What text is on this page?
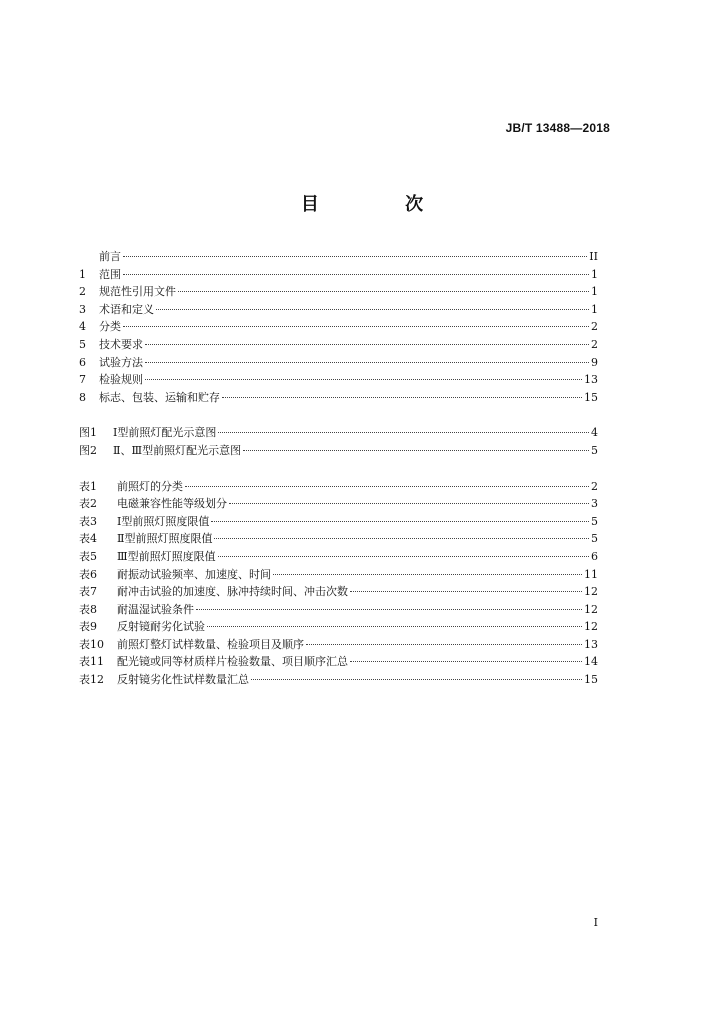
JB/T 13488—2018
目 次
前言	II
1	范围	1
2	规范性引用文件	1
3	术语和定义	1
4	分类	2
5	技术要求	2
6	试验方法	9
7	检验规则	13
8	标志、包装、运输和贮存	15
图1	Ⅰ型前照灯配光示意图	4
图2	Ⅱ、Ⅲ型前照灯配光示意图	5
表1	前照灯的分类	2
表2	电磁兼容性能等级划分	3
表3	Ⅰ型前照灯照度限值	5
表4	Ⅱ型前照灯照度限值	5
表5	Ⅲ型前照灯照度限值	6
表6	耐振动试验频率、加速度、时间	11
表7	耐冲击试验的加速度、脉冲持续时间、冲击次数	12
表8	耐温湿试验条件	12
表9	反射镜耐劣化试验	12
表10	前照灯整灯试样数量、检验项目及顺序	13
表11	配光镜或同等材质样片检验数量、项目顺序汇总	14
表12	反射镜劣化性试样数量汇总	15
I
